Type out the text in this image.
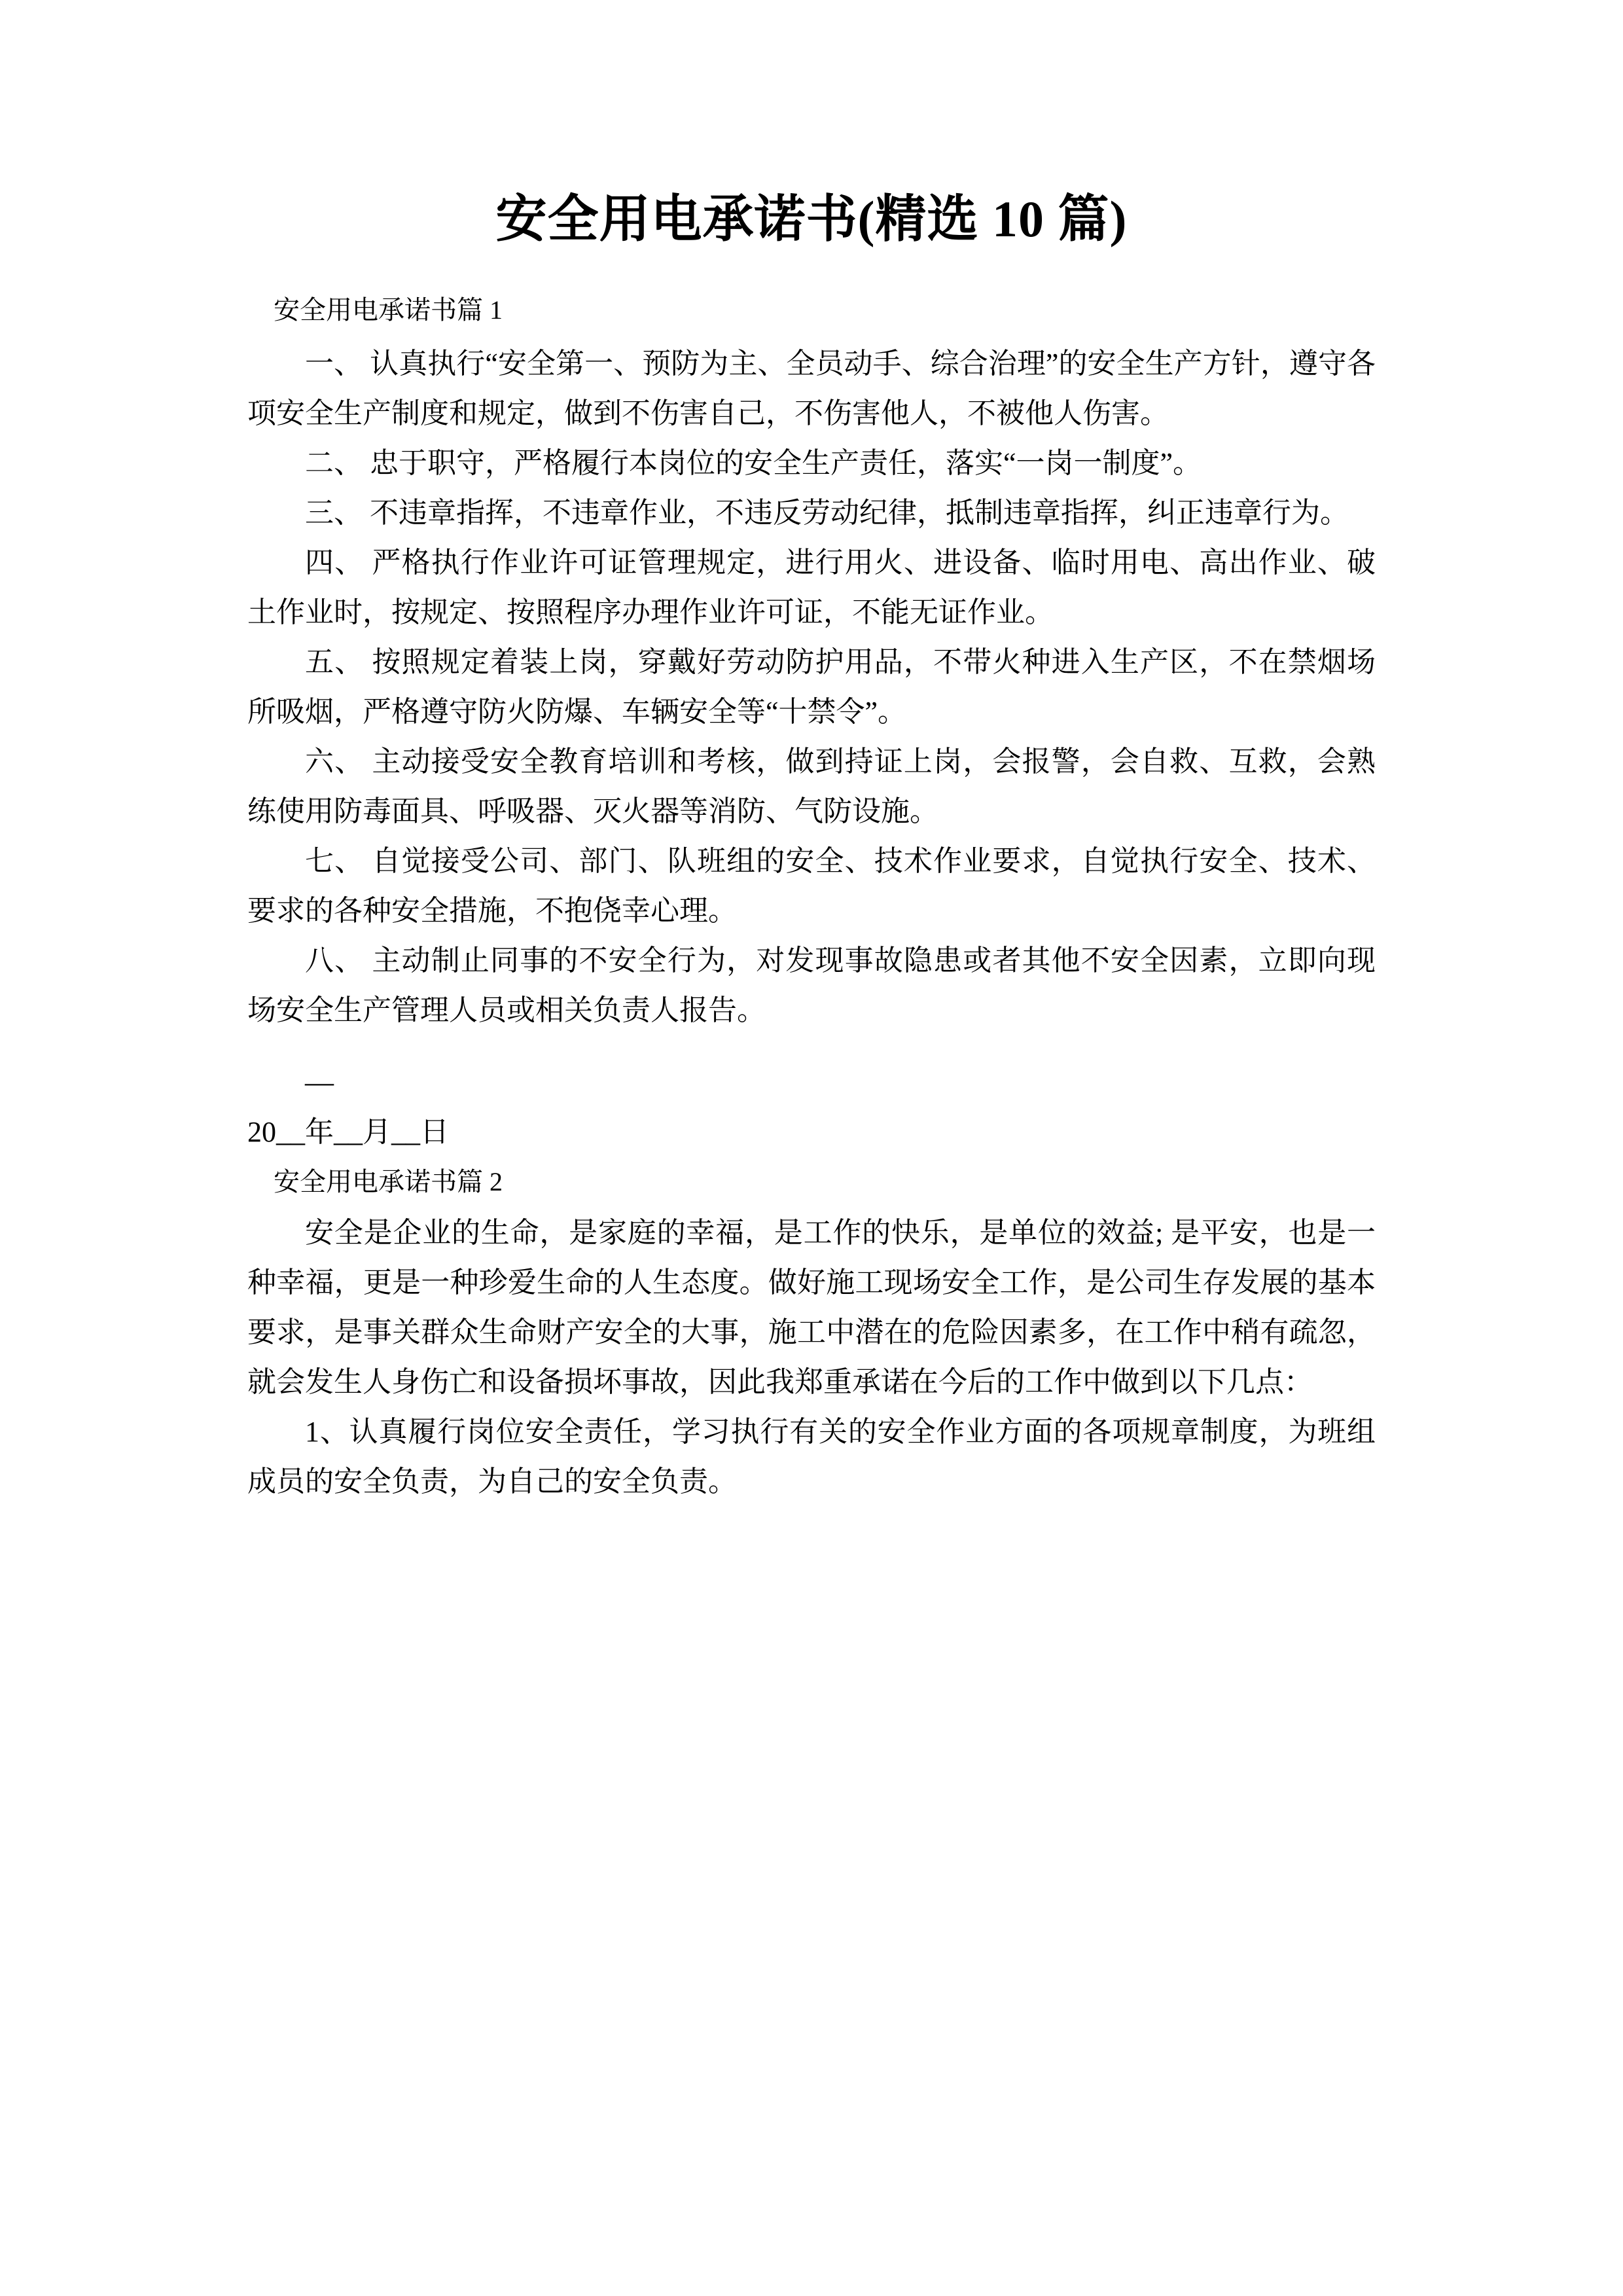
安全用电承诺书(精选 10 篇)
安全用电承诺书篇 1

一、 认真执行“安全第一、预防为主、全员动手、综合治理”的安全生产方针，遵守各项安全生产制度和规定，做到不伤害自己，不伤害他人，不被他人伤害。

二、 忠于职守，严格履行本岗位的安全生产责任，落实“一岗一制度”。

三、 不违章指挥，不违章作业，不违反劳动纪律，抵制违章指挥，纠正违章行为。

四、 严格执行作业许可证管理规定，进行用火、进设备、临时用电、高出作业、破土作业时，按规定、按照程序办理作业许可证，不能无证作业。

五、 按照规定着装上岗，穿戴好劳动防护用品，不带火种进入生产区，不在禁烟场所吸烟，严格遵守防火防爆、车辆安全等“十禁令”。

六、 主动接受安全教育培训和考核，做到持证上岗，会报警，会自救、互救，会熟练使用防毒面具、呼吸器、灭火器等消防、气防设施。

七、 自觉接受公司、部门、队班组的安全、技术作业要求，自觉执行安全、技术、要求的各种安全措施，不抱侥幸心理。

八、 主动制止同事的不安全行为，对发现事故隐患或者其他不安全因素，立即向现场安全生产管理人员或相关负责人报告。

—
20__年__月__日
安全用电承诺书篇 2

安全是企业的生命，是家庭的幸福，是工作的快乐，是单位的效益; 是平安，也是一种幸福，更是一种珍爱生命的人生态度。做好施工现场安全工作，是公司生存发展的基本要求，是事关群众生命财产安全的大事，施工中潜在的危险因素多，在工作中稍有疏忽，就会发生人身伤亡和设备损坏事故，因此我郑重承诺在今后的工作中做到以下几点：

1、认真履行岗位安全责任，学习执行有关的安全作业方面的各项规章制度，为班组成员的安全负责，为自己的安全负责。
